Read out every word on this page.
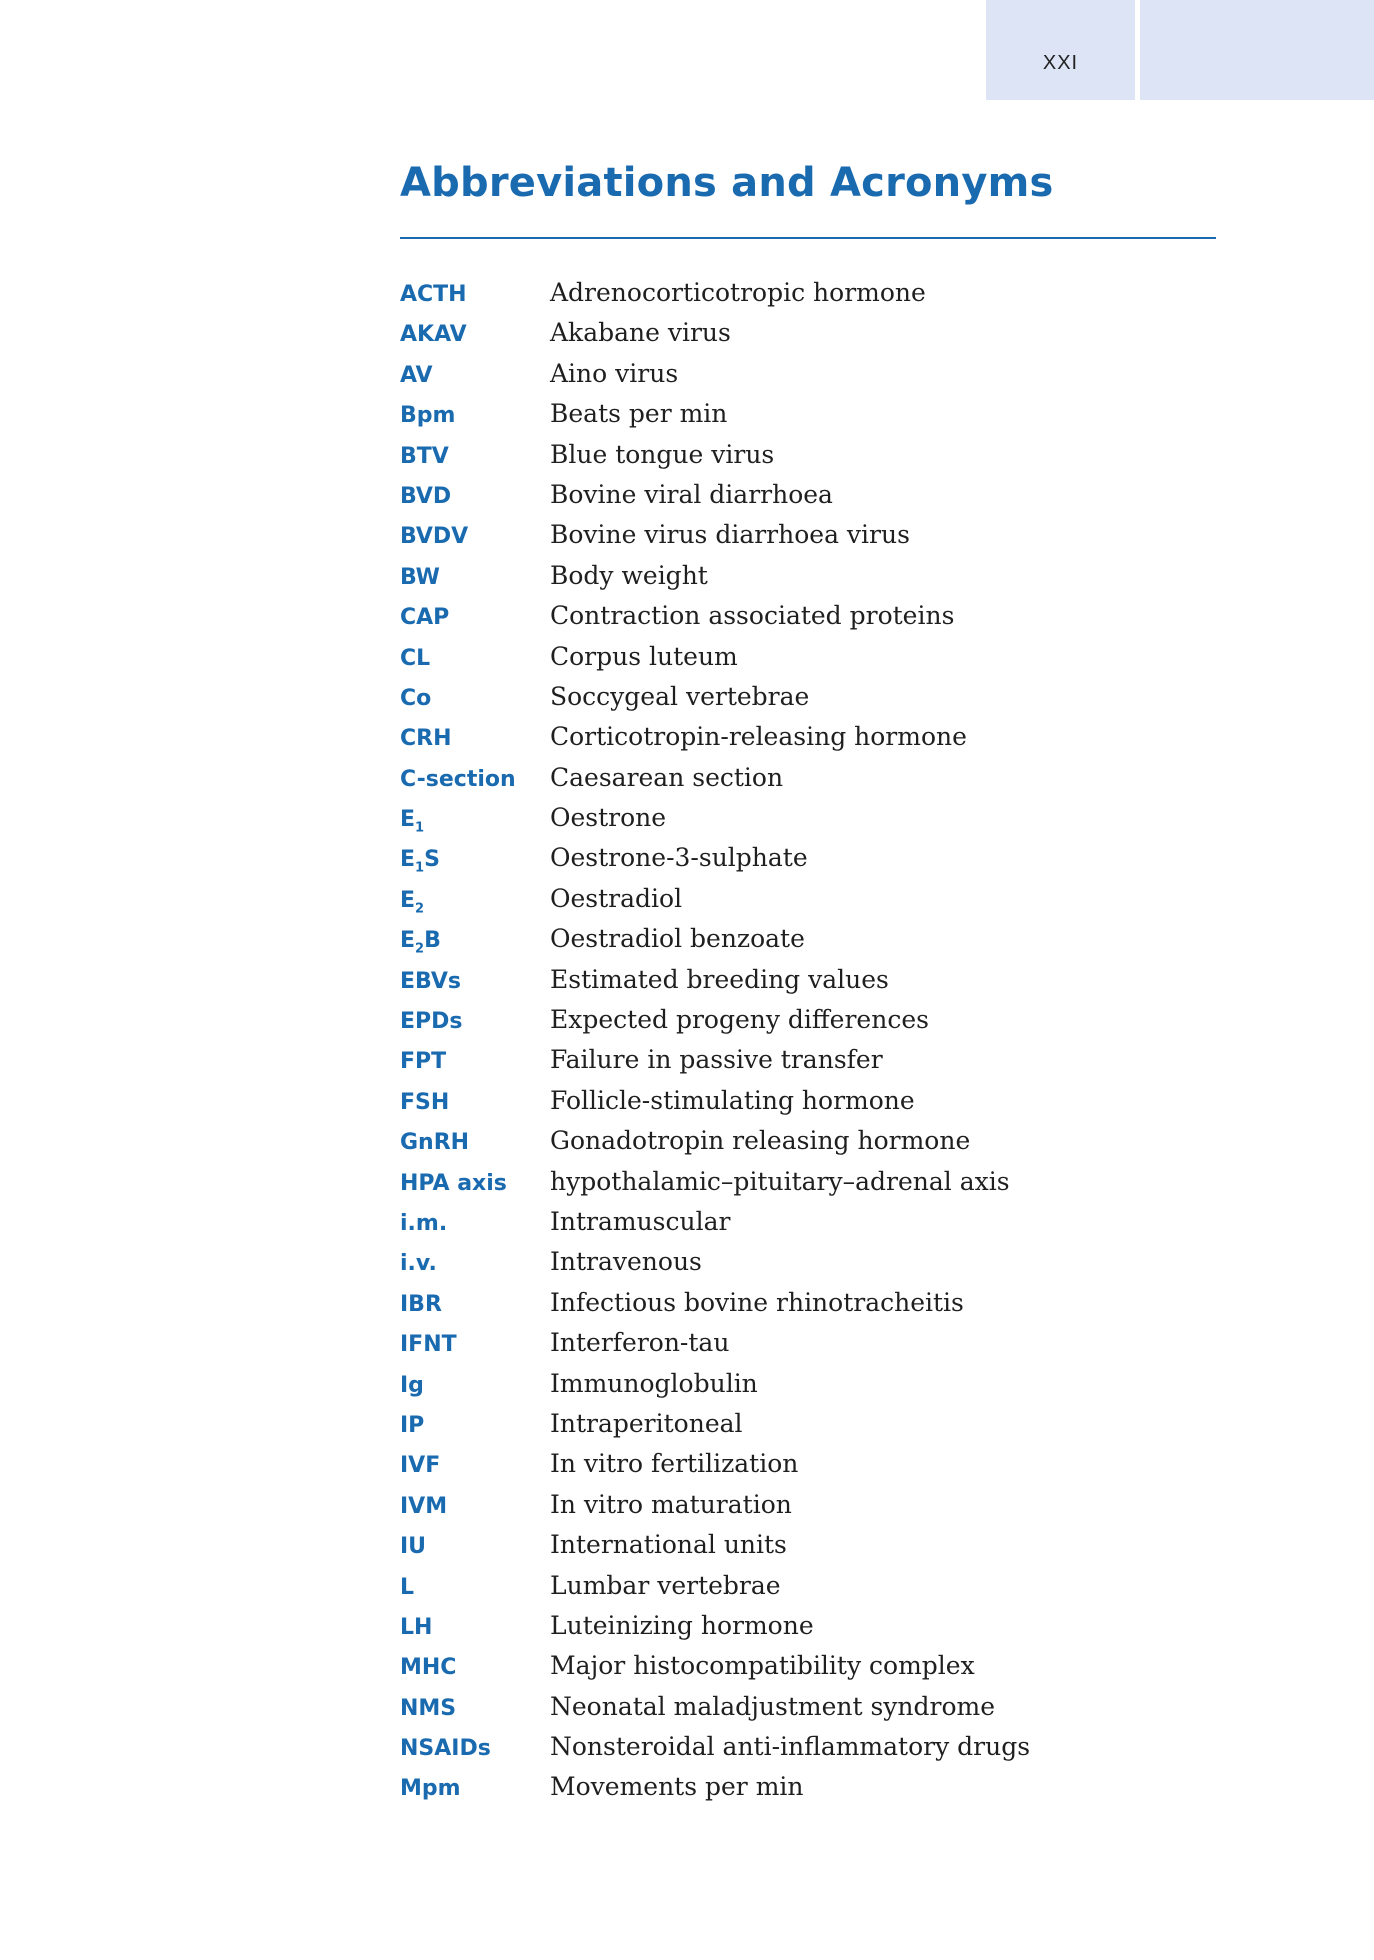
XXI
Abbreviations and Acronyms
ACTH	Adrenocorticotropic hormone
AKAV	Akabane virus
AV	Aino virus
Bpm	Beats per min
BTV	Blue tongue virus
BVD	Bovine viral diarrhoea
BVDV	Bovine virus diarrhoea virus
BW	Body weight
CAP	Contraction associated proteins
CL	Corpus luteum
Co	Soccygeal vertebrae
CRH	Corticotropin-releasing hormone
C-section	Caesarean section
$E_1$	Oestrone
$E_1S$	Oestrone-3-sulphate
$E_2$	Oestradiol
$E_2B$	Oestradiol benzoate
EBVs	Estimated breeding values
EPDs	Expected progeny differences
FPT	Failure in passive transfer
FSH	Follicle-stimulating hormone
GnRH	Gonadotropin releasing hormone
HPA axis	hypothalamic–pituitary–adrenal axis
i.m.	Intramuscular
i.v.	Intravenous
IBR	Infectious bovine rhinotracheitis
IFNT	Interferon-tau
Ig	Immunoglobulin
IP	Intraperitoneal
IVF	In vitro fertilization
IVM	In vitro maturation
IU	International units
L	Lumbar vertebrae
LH	Luteinizing hormone
MHC	Major histocompatibility complex
NMS	Neonatal maladjustment syndrome
NSAIDs	Nonsteroidal anti-inflammatory drugs
Mpm	Movements per min
